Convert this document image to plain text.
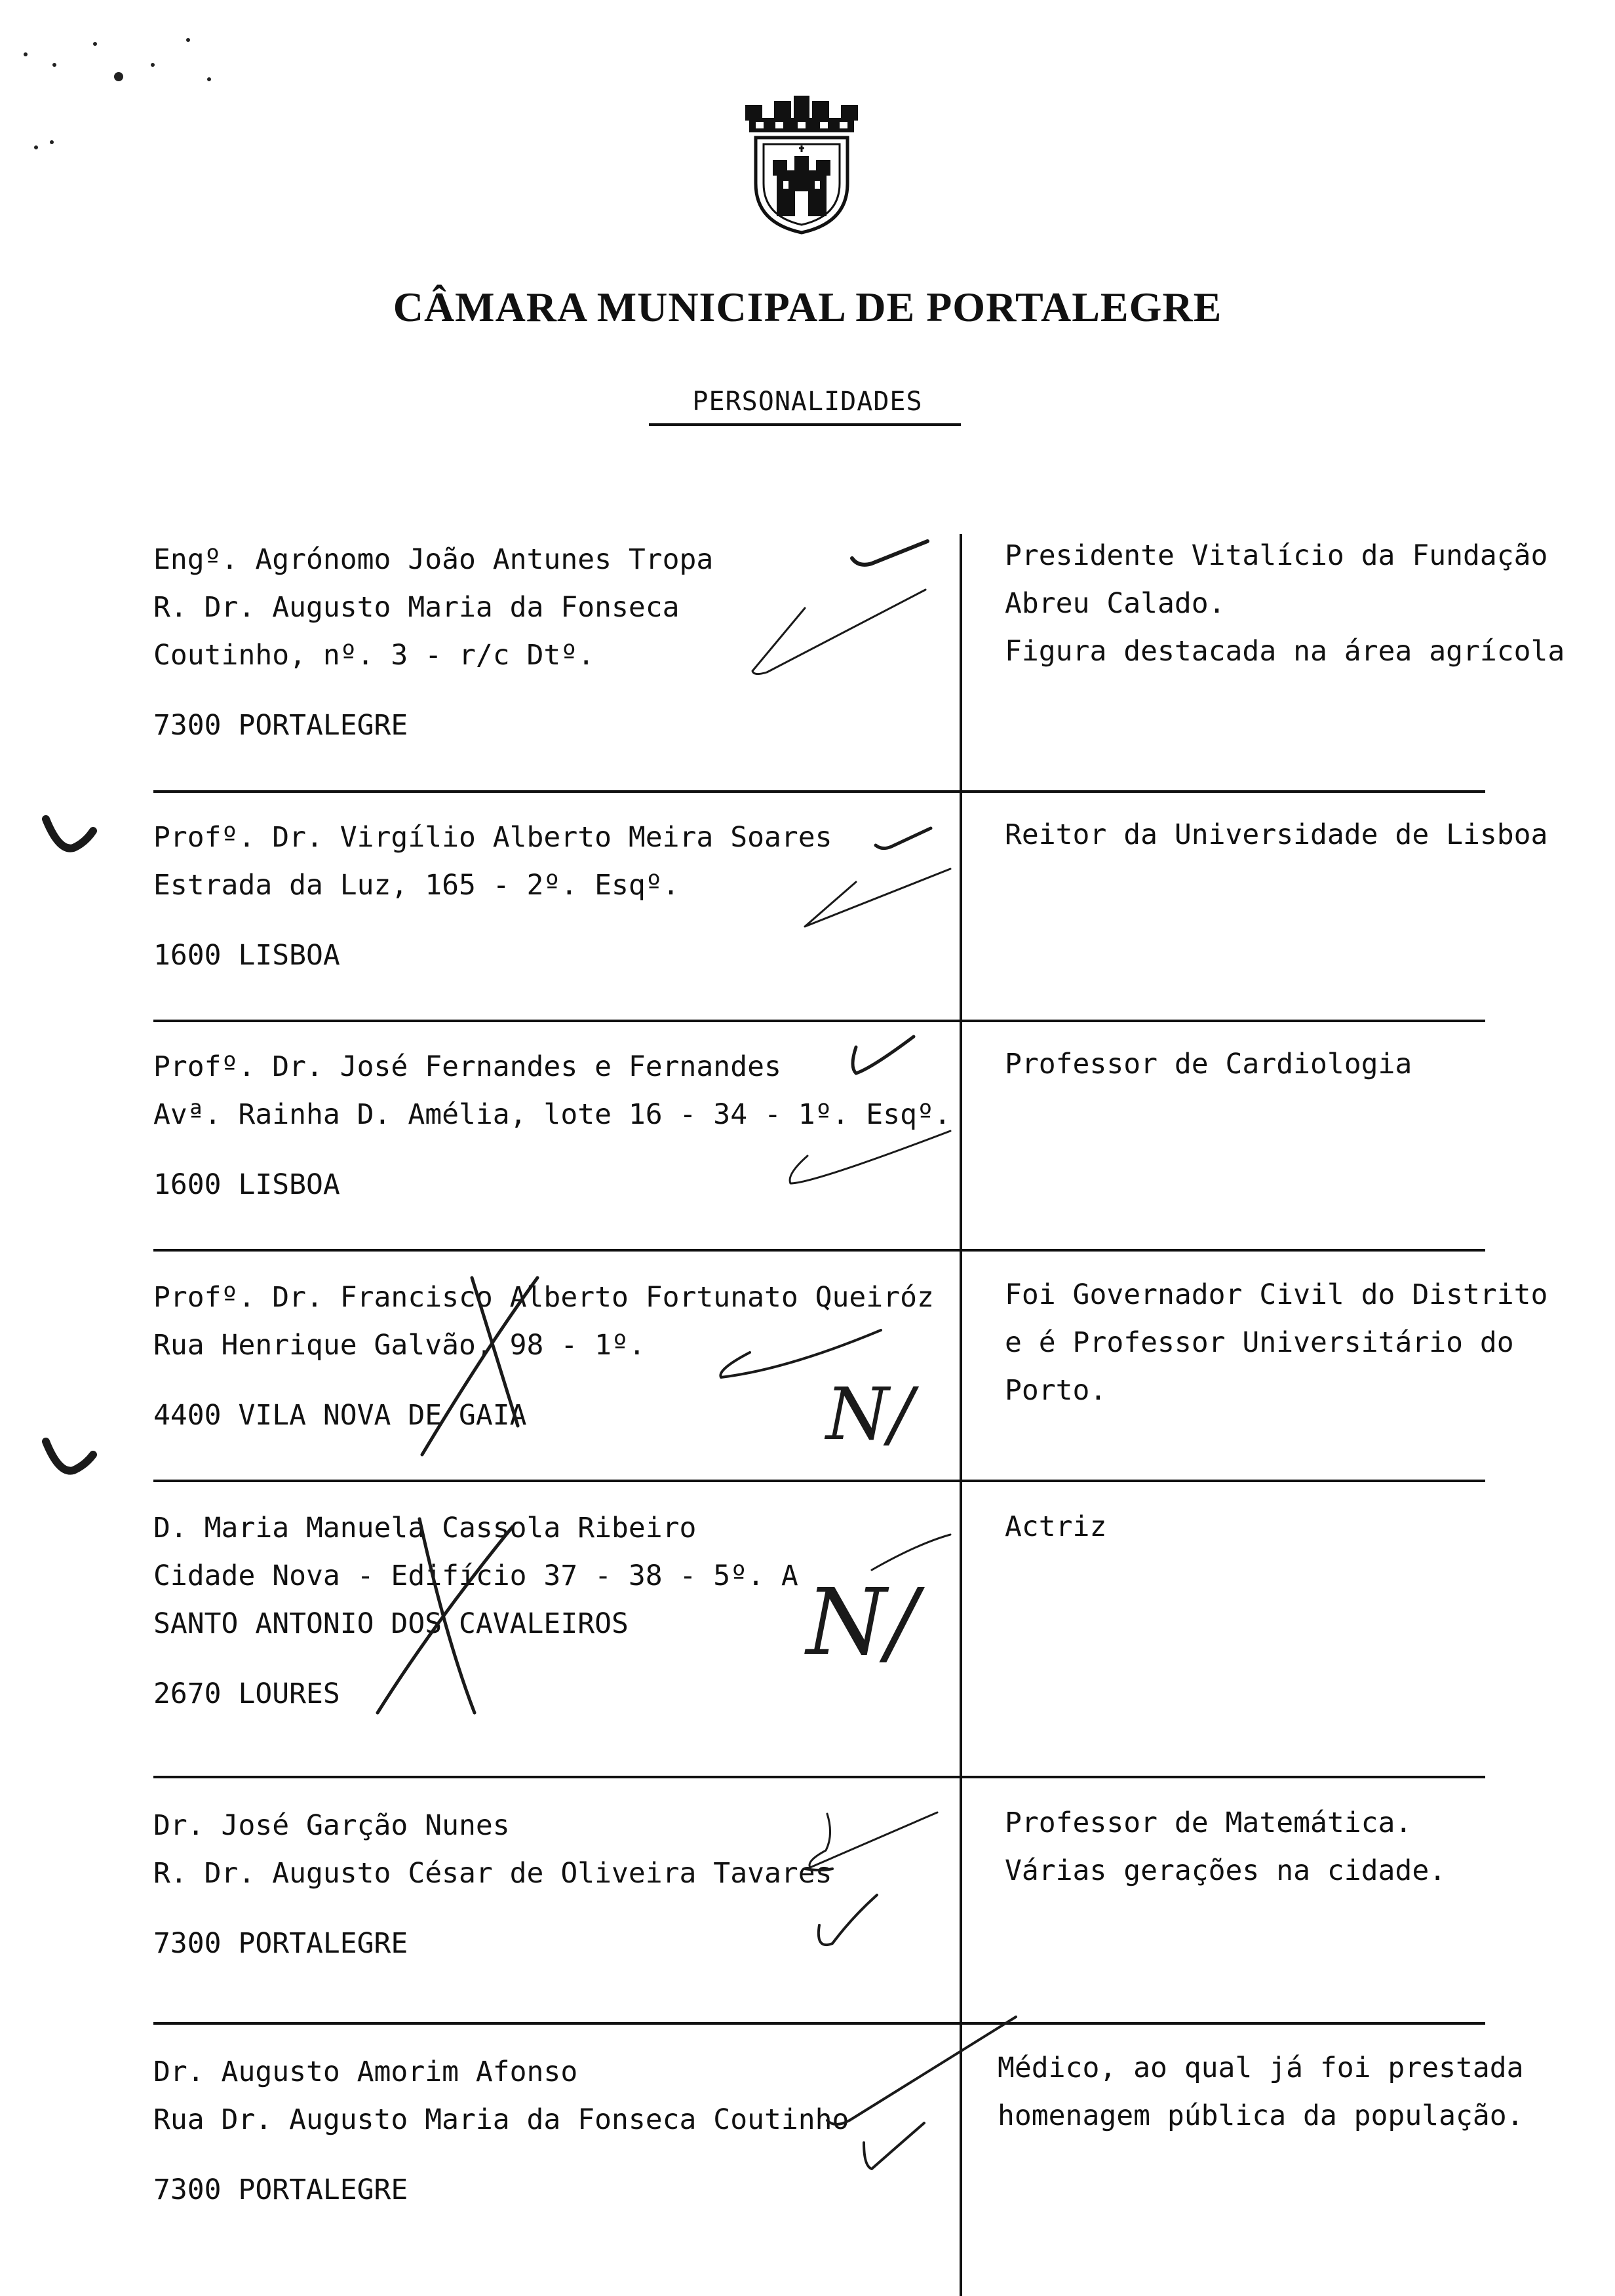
CÂMARA MUNICIPAL DE PORTALEGRE
PERSONALIDADES
Engº. Agrónomo João Antunes Tropa
R. Dr. Augusto Maria da Fonseca
Coutinho, nº. 3 - r/c Dtº.
7300 PORTALEGRE
Presidente Vitalício da Fundação
Abreu Calado.
Figura destacada na área agrícola
Profº. Dr. Virgílio Alberto Meira Soares
Estrada da Luz, 165 - 2º. Esqº.
1600 LISBOA
Reitor da Universidade de Lisboa
Profº. Dr. José Fernandes e Fernandes
Avª. Rainha D. Amélia, lote 16 - 34 - 1º. Esqº.
1600 LISBOA
Professor de Cardiologia
Profº. Dr. Francisco Alberto Fortunato Queiróz
Rua Henrique Galvão, 98 - 1º.
4400 VILA NOVA DE GAIA
Foi Governador Civil do Distrito
e é Professor Universitário do
Porto.
D. Maria Manuela Cassola Ribeiro
Cidade Nova - Edifício 37 - 38 - 5º. A
SANTO ANTONIO DOS CAVALEIROS
2670 LOURES
Actriz
Dr. José Garção Nunes
R. Dr. Augusto César de Oliveira Tavares
7300 PORTALEGRE
Professor de Matemática.
Várias gerações na cidade.
Dr. Augusto Amorim Afonso
Rua Dr. Augusto Maria da Fonseca Coutinho
7300 PORTALEGRE
Médico, ao qual já foi prestada
homenagem pública da população.
N/
N/
